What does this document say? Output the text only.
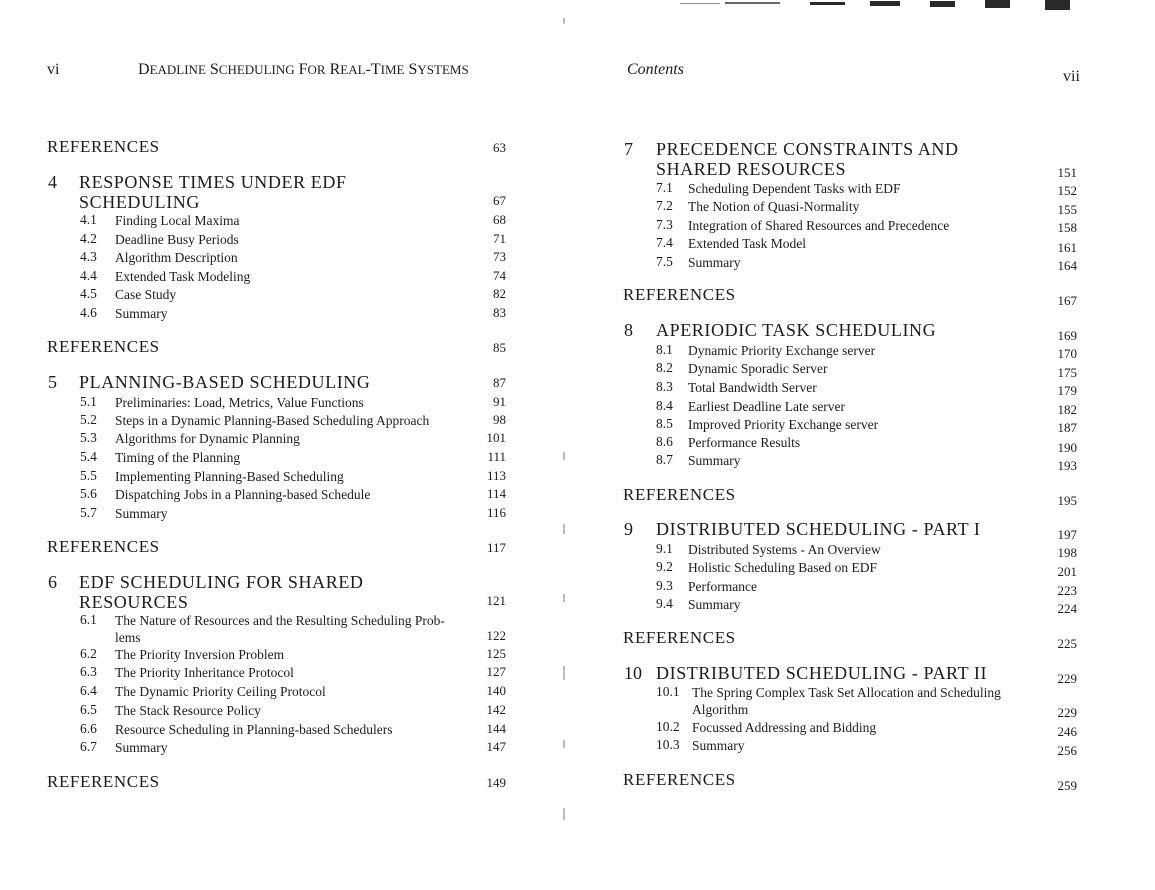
vi	DEADLINE SCHEDULING FOR REAL-TIME SYSTEMS
REFERENCES	63
4 RESPONSE TIMES UNDER EDF
SCHEDULING	67
4.1 Finding Local Maxima	68
4.2 Deadline Busy Periods	71
4.3 Algorithm Description	73
4.4 Extended Task Modeling	74
4.5 Case Study	82
4.6 Summary	83
REFERENCES	85
5 PLANNING-BASED SCHEDULING	87
5.1 Preliminaries: Load, Metrics, Value Functions	91
5.2 Steps in a Dynamic Planning-Based Scheduling Approach	98
5.3 Algorithms for Dynamic Planning	101
5.4 Timing of the Planning	111
5.5 Implementing Planning-Based Scheduling	113
5.6 Dispatching Jobs in a Planning-based Schedule	114
5.7 Summary	116
REFERENCES	117
6 EDF SCHEDULING FOR SHARED
RESOURCES	121
6.1 The Nature of Resources and the Resulting Scheduling Prob-
lems	122
6.2 The Priority Inversion Problem	125
6.3 The Priority Inheritance Protocol	127
6.4 The Dynamic Priority Ceiling Protocol	140
6.5 The Stack Resource Policy	142
6.6 Resource Scheduling in Planning-based Schedulers	144
6.7 Summary	147
REFERENCES	149
Contents	vii
7 PRECEDENCE CONSTRAINTS AND
SHARED RESOURCES	151
7.1 Scheduling Dependent Tasks with EDF	152
7.2 The Notion of Quasi-Normality	155
7.3 Integration of Shared Resources and Precedence	158
7.4 Extended Task Model	161
7.5 Summary	164
REFERENCES	167
8 APERIODIC TASK SCHEDULING	169
8.1 Dynamic Priority Exchange server	170
8.2 Dynamic Sporadic Server	175
8.3 Total Bandwidth Server	179
8.4 Earliest Deadline Late server	182
8.5 Improved Priority Exchange server	187
8.6 Performance Results	190
8.7 Summary	193
REFERENCES	195
9 DISTRIBUTED SCHEDULING - PART I	197
9.1 Distributed Systems - An Overview	198
9.2 Holistic Scheduling Based on EDF	201
9.3 Performance	223
9.4 Summary	224
REFERENCES	225
10 DISTRIBUTED SCHEDULING - PART II	229
10.1 The Spring Complex Task Set Allocation and Scheduling
Algorithm	229
10.2 Focussed Addressing and Bidding	246
10.3 Summary	256
REFERENCES	259
